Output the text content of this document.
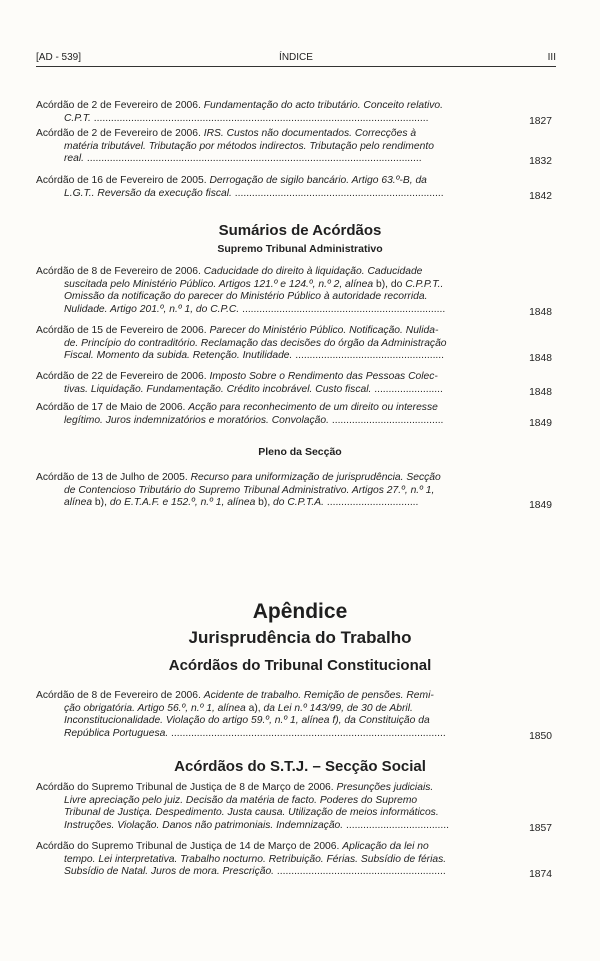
[AD - 539]	ÍNDICE	III
Acórdão de 2 de Fevereiro de 2006. Fundamentação do acto tributário. Conceito relativo.
C.P.T. .....................................................................................................................	1827
Acórdão de 2 de Fevereiro de 2006. IRS. Custos não documentados. Correcções à
matéria tributável. Tributação por métodos indirectos. Tributação pelo rendimento
real. .....................................................................................................................	1832
Acórdão de 16 de Fevereiro de 2005. Derrogação de sigilo bancário. Artigo 63.º-B, da
L.G.T.. Reversão da execução fiscal. .........................................................................	1842
Sumários de Acórdãos
Supremo Tribunal Administrativo
Acórdão de 8 de Fevereiro de 2006. Caducidade do direito à liquidação. Caducidade
suscitada pelo Ministério Público. Artigos 121.º e 124.º, n.º 2, alínea b), do C.P.P.T..
Omissão da notificação do parecer do Ministério Público à autoridade recorrida.
Nulidade. Artigo 201.º, n.º 1, do C.P.C. .......................................................................	1848
Acórdão de 15 de Fevereiro de 2006. Parecer do Ministério Público. Notificação. Nulida-
de. Princípio do contraditório. Reclamação das decisões do órgão da Administração
Fiscal. Momento da subida. Retenção. Inutilidade. ....................................................	1848
Acórdão de 22 de Fevereiro de 2006. Imposto Sobre o Rendimento das Pessoas Colec-
tivas. Liquidação. Fundamentação. Crédito incobrável. Custo fiscal. ........................	1848
Acórdão de 17 de Maio de 2006. Acção para reconhecimento de um direito ou interesse
legítimo. Juros indemnizatórios e moratórios. Convolação. .......................................	1849
Pleno da Secção
Acórdão de 13 de Julho de 2005. Recurso para uniformização de jurisprudência. Secção
de Contencioso Tributário do Supremo Tribunal Administrativo. Artigos 27.º, n.º 1,
alínea b), do E.T.A.F. e 152.º, n.º 1, alínea b), do C.P.T.A. ................................	1849
Apêndice
Jurisprudência do Trabalho
Acórdãos do Tribunal Constitucional
Acórdão de 8 de Fevereiro de 2006. Acidente de trabalho. Remição de pensões. Remi-
ção obrigatória. Artigo 56.º, n.º 1, alínea a), da Lei n.º 143/99, de 30 de Abril.
Inconstitucionalidade. Violação do artigo 59.º, n.º 1, alínea f), da Constituição da
República Portuguesa. ................................................................................................	1850
Acórdãos do S.T.J. – Secção Social
Acórdão do Supremo Tribunal de Justiça de 8 de Março de 2006. Presunções judiciais.
Livre apreciação pelo juiz. Decisão da matéria de facto. Poderes do Supremo
Tribunal de Justiça. Despedimento. Justa causa. Utilização de meios informáticos.
Instruções. Violação. Danos não patrimoniais. Indemnização. ....................................	1857
Acórdão do Supremo Tribunal de Justiça de 14 de Março de 2006. Aplicação da lei no
tempo. Lei interpretativa. Trabalho nocturno. Retribuição. Férias. Subsídio de férias.
Subsídio de Natal. Juros de mora. Prescrição. ...........................................................	1874
